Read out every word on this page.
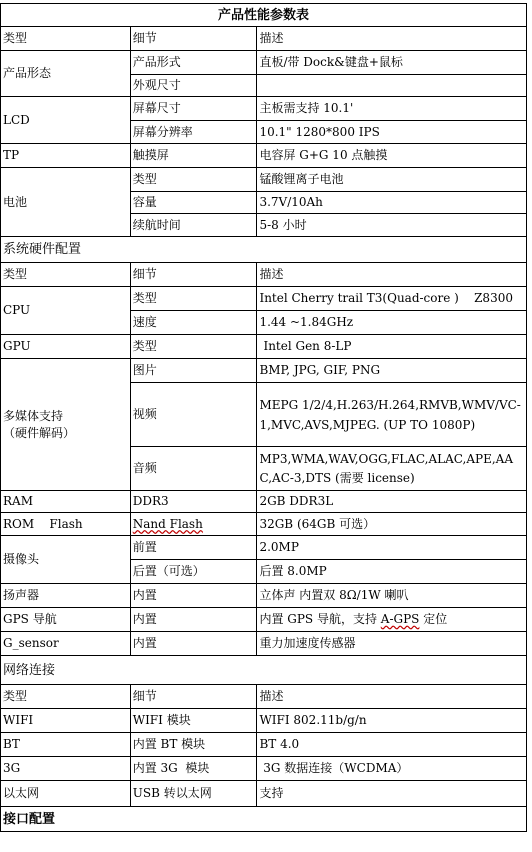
产品性能参数表		
类型	细节	描述
产品形态	产品形式	直板/带 Dock&键盘+鼠标
	外观尺寸	
LCD	屏幕尺寸	主板需支持 10.1'
	屏幕分辨率	10.1" 1280*800 IPS
TP	触摸屏	电容屏 G+G 10 点触摸
电池	类型	锰酸锂离子电池
	容量	3.7V/10Ah
	续航时间	5-8 小时
系统硬件配置		
类型	细节	描述
CPU	类型	Intel Cherry trail T3(Quad-core )    Z8300
	速度	1.44 ~1.84GHz
GPU	类型	Intel Gen 8-LP

多媒体支持
（硬件解码）	图片	BMP, JPG, GIF, PNG
	视频	MEPG 1/2/4,H.263/H.264,RMVB,WMV/VC-1,MVC,AVS,MJPEG. (UP TO 1080P)
	音频	MP3,WMA,WAV,OGG,FLAC,ALAC,APE,AAC,AC-3,DTS (需要 license)
RAM	DDR3	2GB DDR3L
ROM    Flash	Nand Flash	32GB (64GB 可选）
摄像头	前置	2.0MP
	后置（可选）	后置 8.0MP
扬声器	内置	立体声 内置双 8Ω/1W 喇叭
GPS 导航	内置	内置 GPS 导航，支持 A-GPS 定位
G_sensor	内置	重力加速度传感器
网络连接		
类型	细节	描述
WIFI	WIFI 模块	WIFI 802.11b/g/n
BT	内置 BT 模块	BT 4.0
3G	内置 3G  模块	3G 数据连接（WCDMA）
以太网	USB 转以太网	支持
接口配置		
